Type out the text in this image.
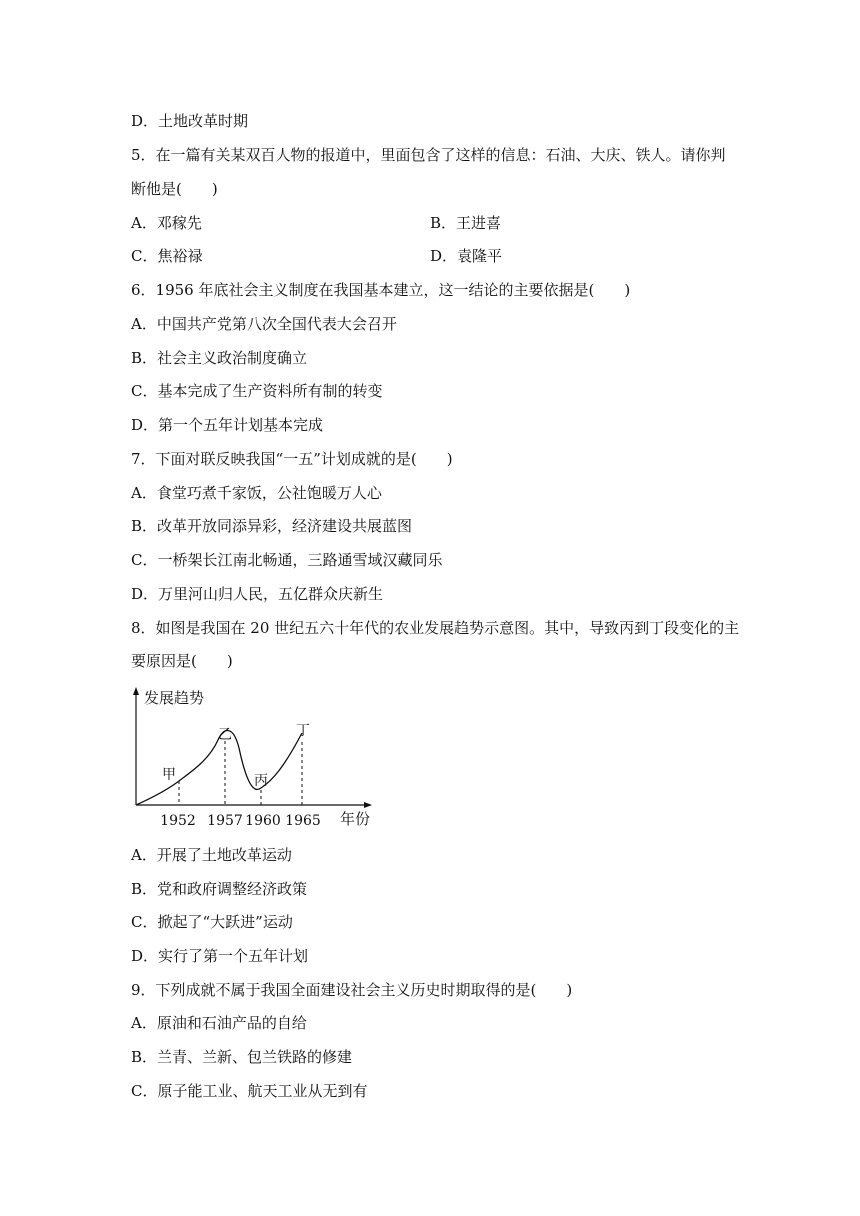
D．土地改革时期
5．在一篇有关某双百人物的报道中，里面包含了这样的信息：石油、大庆、铁人。请你判
断他是(　　)
A．邓稼先	B．王进喜
C．焦裕禄	D．袁隆平
6．1956 年底社会主义制度在我国基本建立，这一结论的主要依据是(　　)
A．中国共产党第八次全国代表大会召开
B．社会主义政治制度确立
C．基本完成了生产资料所有制的转变
D．第一个五年计划基本完成
7．下面对联反映我国“一五”计划成就的是(　　)
A．食堂巧煮千家饭，公社饱暖万人心
B．改革开放同添异彩，经济建设共展蓝图
C．一桥架长江南北畅通，三路通雪域汉藏同乐
D．万里河山归人民，五亿群众庆新生
8．如图是我国在 20 世纪五六十年代的农业发展趋势示意图。其中，导致丙到丁段变化的主
要原因是(　　)
发展趋势
年份
甲
乙
丙
丁
1952 1957 1960 1965
A．开展了土地改革运动
B．党和政府调整经济政策
C．掀起了“大跃进”运动
D．实行了第一个五年计划
9．下列成就不属于我国全面建设社会主义历史时期取得的是(　　)
A．原油和石油产品的自给
B．兰青、兰新、包兰铁路的修建
C．原子能工业、航天工业从无到有
